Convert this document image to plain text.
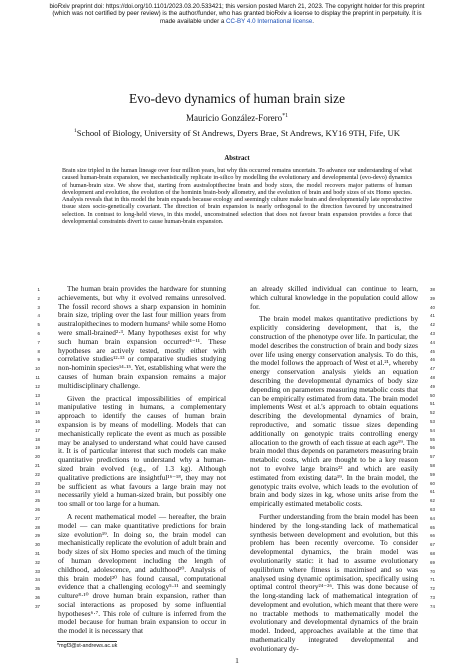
bioRxiv preprint doi: https://doi.org/10.1101/2023.03.20.533421; this version posted March 21, 2023. The copyright holder for this preprint
(which was not certified by peer review) is the author/funder, who has granted bioRxiv a license to display the preprint in perpetuity. It is
made available under a CC-BY 4.0 International license.
Evo-devo dynamics of human brain size
Mauricio González-Forero$^{*1}$
$^1$School of Biology, University of St Andrews, Dyers Brae, St Andrews, KY16 9TH, Fife, UK
Abstract
Brain size tripled in the human lineage over four million years, but why this occurred remains uncertain. To advance our understanding of what caused human-brain expansion, we mechanistically replicate in-silico by modelling the evolutionary and developmental (evo-devo) dynamics of human-brain size. We show that, starting from australopithecine brain and body sizes, the model recovers major patterns of human development and evolution, the evolution of the hominin brain-body allometry, and the evolution of brain and body sizes of six Homo species. Analysis reveals that in this model the brain expands because ecology and seemingly culture make brain and developmentally late reproductive tissue sizes socio-genetically covariant. The direction of brain expansion is nearly orthogonal to the direction favoured by unconstrained selection. In contrast to long-held views, in this model, unconstrained selection that does not favour brain expansion provides a force that developmental constraints divert to cause human-brain expansion.

The human brain provides the hardware for stunning achievements, but why it evolved remains unresolved. The fossil record shows a sharp expansion in hominin brain size, tripling over the last four million years from australopithecines to modern humans¹ while some Homo were small-brained²·³. Many hypotheses exist for why such human brain expansion occurred⁴⁻¹¹. These hypotheses are actively tested, mostly either with correlative studies¹²·¹³ or comparative studies studying non-hominin species¹⁴·¹⁵. Yet, establishing what were the causes of human brain expansion remains a major multidisciplinary challenge.

Given the practical impossibilities of empirical manipulative testing in humans, a complementary approach to identify the causes of human brain expansion is by means of modelling. Models that can mechanistically replicate the event as much as possible may be analysed to understand what could have caused it. It is of particular interest that such models can make quantitative predictions to understand why a human-sized brain evolved (e.g., of 1.3 kg). Although qualitative predictions are insightful¹⁶⁻¹⁸, they may not be sufficient as what favours a large brain may not necessarily yield a human-sized brain, but possibly one too small or too large for a human.

A recent mathematical model — hereafter, the brain model — can make quantitative predictions for brain size evolution¹⁹. In doing so, the brain model can mechanistically replicate the evolution of adult brain and body sizes of six Homo species and much of the timing of human development including the length of childhood, adolescence, and adulthood²⁰. Analysis of this brain model²⁰ has found causal, computational evidence that a challenging ecology⁵·¹¹ and seemingly culture⁸·¹⁰ drove human brain expansion, rather than social interactions as proposed by some influential hypotheses⁶·⁷. This role of culture is inferred from the model because for human brain expansion to occur in the model it is necessary that

an already skilled individual can continue to learn, which cultural knowledge in the population could allow for.

The brain model makes quantitative predictions by explicitly considering development, that is, the construction of the phenotype over life. In particular, the model describes the construction of brain and body sizes over life using energy conservation analysis. To do this, the model follows the approach of West et al.²¹, whereby energy conservation analysis yields an equation describing the developmental dynamics of body size depending on parameters measuring metabolic costs that can be empirically estimated from data. The brain model implements West et al.'s approach to obtain equations describing the developmental dynamics of brain, reproductive, and somatic tissue sizes depending additionally on genotypic traits controlling energy allocation to the growth of each tissue at each age¹⁹. The brain model thus depends on parameters measuring brain metabolic costs, which are thought to be a key reason not to evolve large brains²² and which are easily estimated from existing data¹⁹. In the brain model, the genotypic traits evolve, which leads to the evolution of brain and body sizes in kg, whose units arise from the empirically estimated metabolic costs.

Further understanding from the brain model has been hindered by the long-standing lack of mathematical synthesis between development and evolution, but this problem has been recently overcome. To consider developmental dynamics, the brain model was evolutionarily static: it had to assume evolutionary equilibrium where fitness is maximised and so was analysed using dynamic optimisation, specifically using optimal control theory²⁴⁻²⁶. This was done because of the long-standing lack of mathematical integration of development and evolution, which meant that there were no tractable methods to mathematically model the evolutionary and developmental dynamics of the brain model. Indeed, approaches available at the time that mathematically integrated developmental and evolutionary dy-

1
2
3
4
5
6
7
8
9
10
11
12
13
14
15
16
17
18
19
20
21
22
23
24
25
26
27
28
29
30
31
32
33
34
35
36
37
38
39
40
41
42
43
44
45
46
47
48
49
50
51
52
53
54
55
56
57
58
59
60
61
62
63
64
65
66
67
68
69
70
71
72
73
74
*mgf3@st-andrews.ac.uk
1
